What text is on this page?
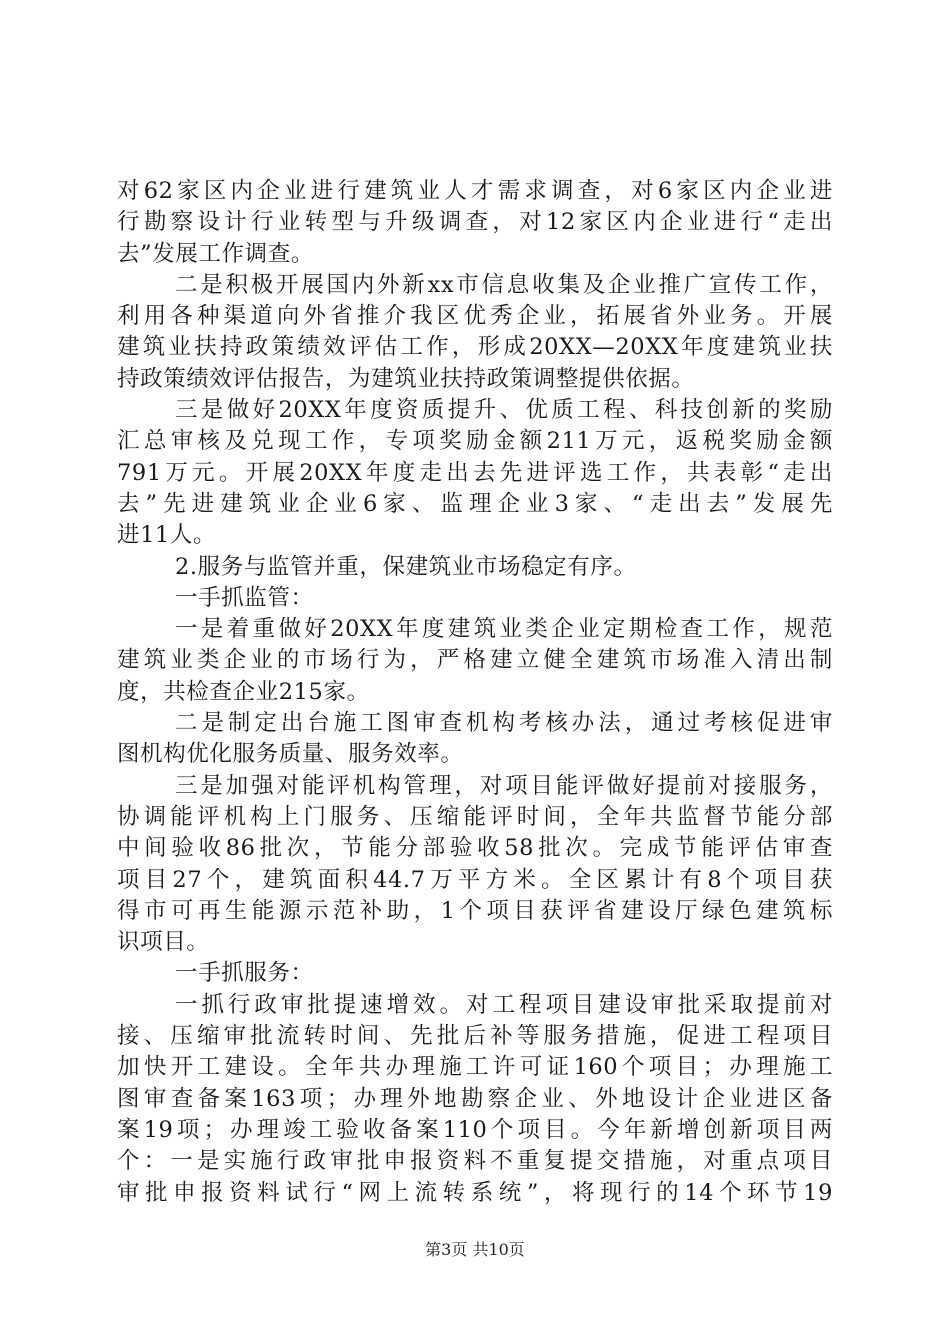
对62家区内企业进行建筑业人才需求调查，对6家区内企业进
行勘察设计行业转型与升级调查，对12家区内企业进行“走出
去”发展工作调查。
二是积极开展国内外新xx市信息收集及企业推广宣传工作，
利用各种渠道向外省推介我区优秀企业，拓展省外业务。开展
建筑业扶持政策绩效评估工作，形成20XX—20XX年度建筑业扶
持政策绩效评估报告，为建筑业扶持政策调整提供依据。
三是做好20XX年度资质提升、优质工程、科技创新的奖励
汇总审核及兑现工作，专项奖励金额211万元，返税奖励金额
791万元。开展20XX年度走出去先进评选工作，共表彰“走出
去”先进建筑业企业6家、监理企业3家、“走出去”发展先
进11人。
2.服务与监管并重，保建筑业市场稳定有序。
一手抓监管：
一是着重做好20XX年度建筑业类企业定期检查工作，规范
建筑业类企业的市场行为，严格建立健全建筑市场准入清出制
度，共检查企业215家。
二是制定出台施工图审查机构考核办法，通过考核促进审
图机构优化服务质量、服务效率。
三是加强对能评机构管理，对项目能评做好提前对接服务，
协调能评机构上门服务、压缩能评时间，全年共监督节能分部
中间验收86批次，节能分部验收58批次。完成节能评估审查
项目27个，建筑面积44.7万平方米。全区累计有8个项目获
得市可再生能源示范补助，1个项目获评省建设厅绿色建筑标
识项目。
一手抓服务：
一抓行政审批提速增效。对工程项目建设审批采取提前对
接、压缩审批流转时间、先批后补等服务措施，促进工程项目
加快开工建设。全年共办理施工许可证160个项目；办理施工
图审查备案163项；办理外地勘察企业、外地设计企业进区备
案19项；办理竣工验收备案110个项目。今年新增创新项目两
个：一是实施行政审批申报资料不重复提交措施，对重点项目
审批申报资料试行“网上流转系统”，将现行的14个环节19
第3页 共10页
